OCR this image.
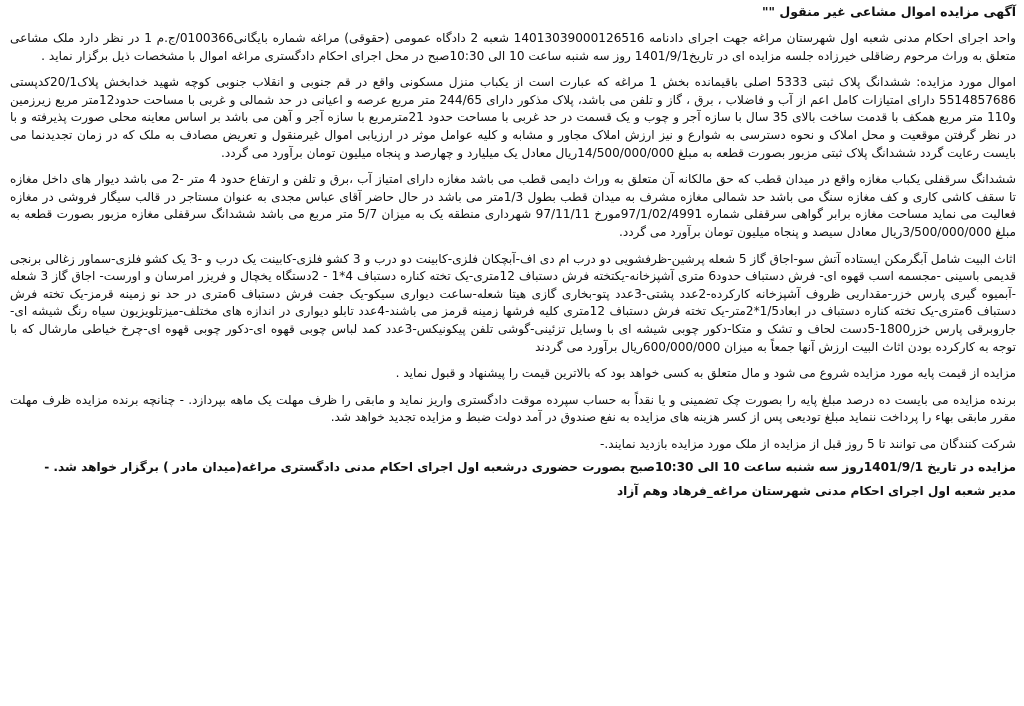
آگهی مزایده اموال مشاعی غیر منقول ""
واحد اجرای احکام مدنی شعبه اول شهرستان مراغه جهت اجرای دادنامه 14013039000126516 شعبه 2 دادگاه عمومی (حقوقی) مراغه شماره بایگانی0100366/ج.م 1 در نظر دارد ملک مشاعی متعلق به وراث مرحوم رضاقلی خیرزاده جلسه مزایده ای در تاریخ1401/9/1 روز سه شنبه ساعت 10 الی 10:30صبح در محل اجرای احکام دادگستری مراغه اموال با مشخصات ذیل برگزار نماید .
اموال مورد مزایده: ششدانگ پلاک ثبتی 5333 اصلی باقیمانده بخش 1 مراغه که عبارت است از یکباب منزل مسکونی واقع در قم جنوبی و انقلاب جنوبی کوچه شهید خدابخش پلاک20/1کدپستی 5514857686 دارای امتیازات کامل اعم از آب و فاضلاب ، برق ، گاز و تلفن می باشد، پلاک مذکور دارای 244/65 متر مربع عرصه و اعیانی در حد شمالی و غربی با مساحت حدود12متر مربع زیرزمین و110 متر مربع همکف با قدمت ساخت بالای 35 سال با سازه آجر و چوب و یک قسمت در حد غربی با مساحت حدود 21مترمربع با سازه آجر و آهن می باشد بر اساس معاینه محلی صورت پذیرفته و با در نظر گرفتن موقعیت و محل املاک و نحوه دسترسی به شوارع و نیز ارزش املاک مجاور و مشابه و کلیه عوامل موثر در ارزیابی اموال غیرمنقول و تعریض مصادف به ملک که در زمان تجدیدنما می بایست رعایت گردد ششدانگ پلاک ثبتی مزبور بصورت قطعه به مبلغ 14/500/000/000ریال معادل یک میلیارد و چهارصد و پنجاه میلیون تومان برآورد می گردد.
ششدانگ سرقفلی یکباب مغازه واقع در میدان قطب که حق مالکانه آن متعلق به وراث دایمی قطب می باشد مغازه دارای امتیاز آب ،برق و تلفن و ارتفاع حدود 4 متر -2 می باشد دیوار های داخل مغازه تا سقف کاشی کاری و کف مغازه سنگ می باشد حد شمالی مغازه مشرف به میدان قطب بطول 1/3متر می باشد در حال حاضر آقای عباس مجدی به عنوان مستاجر در قالب سیگار فروشی در مغازه فعالیت می نماید مساحت مغازه برابر گواهی سرقفلی شماره 97/1/02/4991مورخ 97/11/11 شهرداری منطقه یک به میزان 5/7 متر مربع می باشد ششدانگ سرقفلی مغازه مزبور بصورت قطعه به مبلغ 3/500/000/000ریال معادل سیصد و پنجاه میلیون تومان برآورد می گردد.
اثاث البیت شامل آبگرمکن ایستاده آتش سو-اجاق گاز 5 شعله پرشین-ظرفشویی دو درب ام دی اف-آبچکان فلزی-کابینت دو درب و 3 کشو فلزی-کابینت یک درب و -3 یک کشو فلزی-سماور زغالی برنجی قدیمی باسینی -مجسمه اسب قهوه ای- فرش دستباف حدود6 متری آشپزخانه-یکتخته فرش دستباف 12متری-یک تخته کناره دستباف 4*1 - 2دستگاه یخچال و فریزر امرسان و اورست- اجاق گاز 3 شعله -آبمیوه گیری پارس خزر-مقداریی ظروف آشپزخانه کارکرده-2عدد پشتی-3عدد پتو-بخاری گازی هیتا شعله-ساعت دیواری سیکو-یک جفت فرش دستباف 6متری در حد نو زمینه قرمز-یک تخته فرش دستباف 6متری-یک تخته کناره دستباف در ابعاد1/5*2متر-یک تخته فرش دستباف 12متری کلیه فرشها زمینه قرمز می باشند-4عدد تابلو دیواری در اندازه های مختلف-میزتلویزیون سیاه رنگ شیشه ای-جاروبرقی پارس خزر1800-5دست لحاف و تشک و متکا-دکور چوبی شیشه ای با وسایل تزئینی-گوشی تلفن پیکونیکس-3عدد کمد لباس چوبی قهوه ای-دکور چوبی قهوه ای-چرخ خیاطی مارشال که با توجه به کارکرده بودن اثاث البیت ارزش آنها جمعاً به میزان 600/000/000ریال برآورد می گردند
مزایده از قیمت پایه مورد مزایده شروع می شود و مال متعلق به کسی خواهد بود که بالاترین قیمت را پیشنهاد و قبول نماید .
برنده مزایده می بایست ده درصد مبلغ پایه را بصورت چک تضمینی و یا نقداً به حساب سپرده موقت دادگستری واریز نماید و مابقی را ظرف مهلت یک ماهه بپردازد. - چنانچه برنده مزایده ظرف مهلت مقرر مابقی بهاء را پرداخت ننماید مبلغ تودیعی پس از کسر هزینه های مزایده به نفع صندوق در آمد دولت ضبط و مزایده تجدید خواهد شد.
شرکت کنندگان می توانند تا 5 روز قبل از مزایده از ملک مورد مزایده بازدید نمایند.-
مزایده در تاریخ 1401/9/1روز سه شنبه ساعت 10 الی 10:30صبح بصورت حضوری درشعبه اول اجرای احکام مدنی دادگستری مراغه(میدان مادر ) برگزار خواهد شد. -
مدیر شعبه اول اجرای احکام مدنی شهرستان مراغه_فرهاد وهم آزاد
